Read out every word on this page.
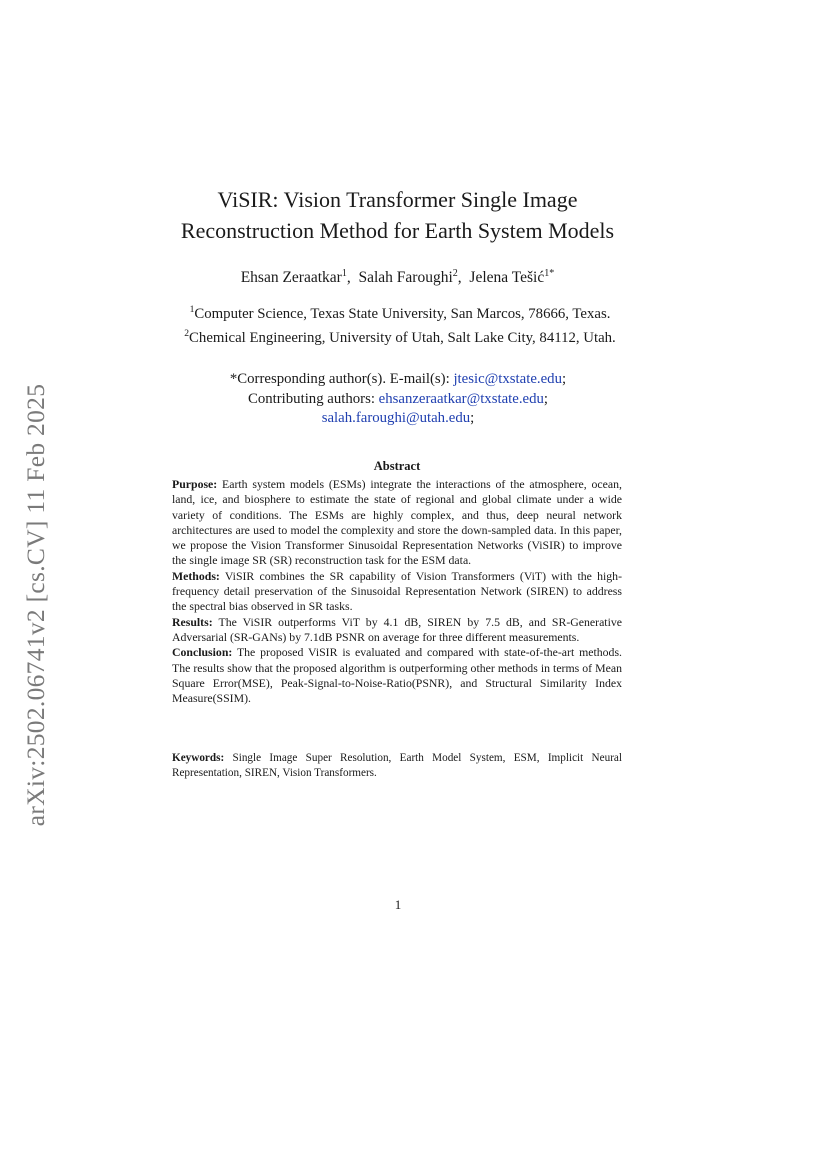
arXiv:2502.06741v2 [cs.CV] 11 Feb 2025
ViSIR: Vision Transformer Single Image
Reconstruction Method for Earth System Models
Ehsan Zeraatkar$^1$,  Salah Faroughi$^2$,  Jelena Tešić$^{1*}$
$^1$Computer Science, Texas State University, San Marcos, 78666, Texas.
$^2$Chemical Engineering, University of Utah, Salt Lake City, 84112, Utah.
*Corresponding author(s). E-mail(s): jtesic@txstate.edu;
Contributing authors: ehsanzeraatkar@txstate.edu;
salah.faroughi@utah.edu;
Abstract

Purpose: Earth system models (ESMs) integrate the interactions of the atmosphere, ocean, land, ice, and biosphere to estimate the state of regional and global climate under a wide variety of conditions. The ESMs are highly complex, and thus, deep neural network architectures are used to model the complexity and store the down-sampled data. In this paper, we propose the Vision Transformer Sinusoidal Representation Networks (ViSIR) to improve the single image SR (SR) reconstruction task for the ESM data.

Methods: ViSIR combines the SR capability of Vision Transformers (ViT) with the high-frequency detail preservation of the Sinusoidal Representation Network (SIREN) to address the spectral bias observed in SR tasks.

Results: The ViSIR outperforms ViT by 4.1 dB, SIREN by 7.5 dB, and SR-Generative Adversarial (SR-GANs) by 7.1dB PSNR on average for three different measurements.

Conclusion: The proposed ViSIR is evaluated and compared with state-of-the-art methods. The results show that the proposed algorithm is outperforming other methods in terms of Mean Square Error(MSE), Peak-Signal-to-Noise-Ratio(PSNR), and Structural Similarity Index Measure(SSIM).

Keywords: Single Image Super Resolution, Earth Model System, ESM, Implicit Neural Representation, SIREN, Vision Transformers.
1
